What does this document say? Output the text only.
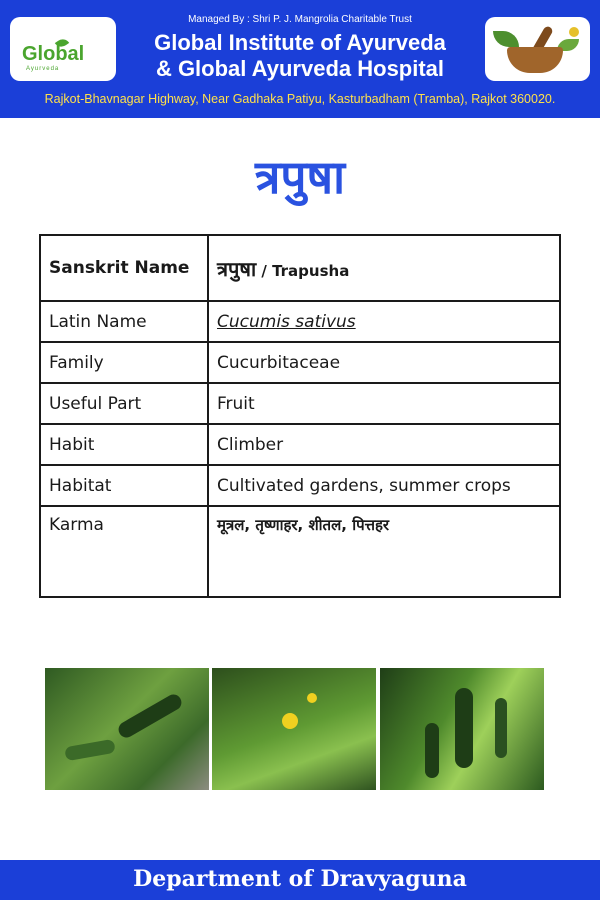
Global
Ayurveda
Managed By : Shri P. J. Mangrolia Charitable Trust
Global Institute of Ayurveda
& Global Ayurveda Hospital
Rajkot-Bhavnagar Highway, Near Gadhaka Patiyu, Kasturbadham (Tramba), Rajkot 360020.
त्रपुषा
Sanskrit Name	त्रपुषा / Trapusha
Latin Name	Cucumis sativus
Family	Cucurbitaceae
Useful Part	Fruit
Habit	Climber
Habitat	Cultivated gardens, summer crops
Karma	मूत्रल, तृष्णाहर, शीतल, पित्तहर
Department of Dravyaguna
